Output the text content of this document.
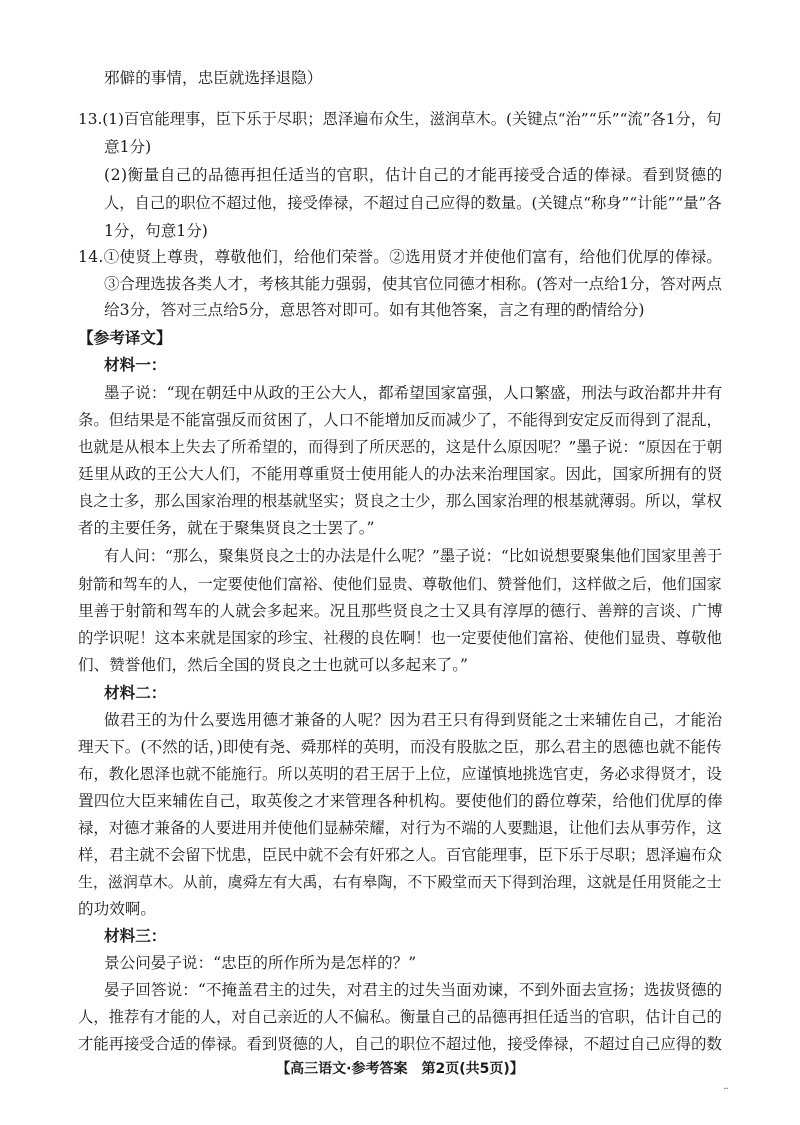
邪僻的事情，忠臣就选择退隐）
13.(1)百官能理事，臣下乐于尽职；恩泽遍布众生，滋润草木。(关键点“治”“乐”“流”各1分，句
意1分)
(2)衡量自己的品德再担任适当的官职，估计自己的才能再接受合适的俸禄。看到贤德的
人，自己的职位不超过他，接受俸禄，不超过自己应得的数量。(关键点“称身”“计能”“量”各
1分，句意1分)
14.①使贤上尊贵，尊敬他们，给他们荣誉。②选用贤才并使他们富有，给他们优厚的俸禄。
③合理选拔各类人才，考核其能力强弱，使其官位同德才相称。(答对一点给1分，答对两点
给3分，答对三点给5分，意思答对即可。如有其他答案，言之有理的酌情给分)
【参考译文】
材料一：
墨子说：“现在朝廷中从政的王公大人，都希望国家富强，人口繁盛，刑法与政治都井井有
条。但结果是不能富强反而贫困了，人口不能增加反而减少了，不能得到安定反而得到了混乱，
也就是从根本上失去了所希望的，而得到了所厌恶的，这是什么原因呢？”墨子说：“原因在于朝
廷里从政的王公大人们，不能用尊重贤士使用能人的办法来治理国家。因此，国家所拥有的贤
良之士多，那么国家治理的根基就坚实；贤良之士少，那么国家治理的根基就薄弱。所以，掌权
者的主要任务，就在于聚集贤良之士罢了。”
有人问：“那么，聚集贤良之士的办法是什么呢？”墨子说：“比如说想要聚集他们国家里善于
射箭和驾车的人，一定要使他们富裕、使他们显贵、尊敬他们、赞誉他们，这样做之后，他们国家
里善于射箭和驾车的人就会多起来。况且那些贤良之士又具有淳厚的德行、善辩的言谈、广博
的学识呢！这本来就是国家的珍宝、社稷的良佐啊！也一定要使他们富裕、使他们显贵、尊敬他
们、赞誉他们，然后全国的贤良之士也就可以多起来了。”
材料二：
做君王的为什么要选用德才兼备的人呢？因为君王只有得到贤能之士来辅佐自己，才能治
理天下。(不然的话，)即使有尧、舜那样的英明，而没有股肱之臣，那么君主的恩德也就不能传
布，教化恩泽也就不能施行。所以英明的君王居于上位，应谨慎地挑选官吏，务必求得贤才，设
置四位大臣来辅佐自己，取英俊之才来管理各种机构。要使他们的爵位尊荣，给他们优厚的俸
禄，对德才兼备的人要进用并使他们显赫荣耀，对行为不端的人要黜退，让他们去从事劳作，这
样，君主就不会留下忧患，臣民中就不会有奸邪之人。百官能理事，臣下乐于尽职；恩泽遍布众
生，滋润草木。从前，虞舜左有大禹，右有皋陶，不下殿堂而天下得到治理，这就是任用贤能之士
的功效啊。
材料三：
景公问晏子说：“忠臣的所作所为是怎样的？”
晏子回答说：“不掩盖君主的过失，对君主的过失当面劝谏，不到外面去宣扬；选拔贤德的
人，推荐有才能的人，对自己亲近的人不偏私。衡量自己的品德再担任适当的官职，估计自己的
才能再接受合适的俸禄。看到贤德的人，自己的职位不超过他，接受俸禄，不超过自己应得的数
【高三语文·参考答案　第2页(共5页)】
¨
